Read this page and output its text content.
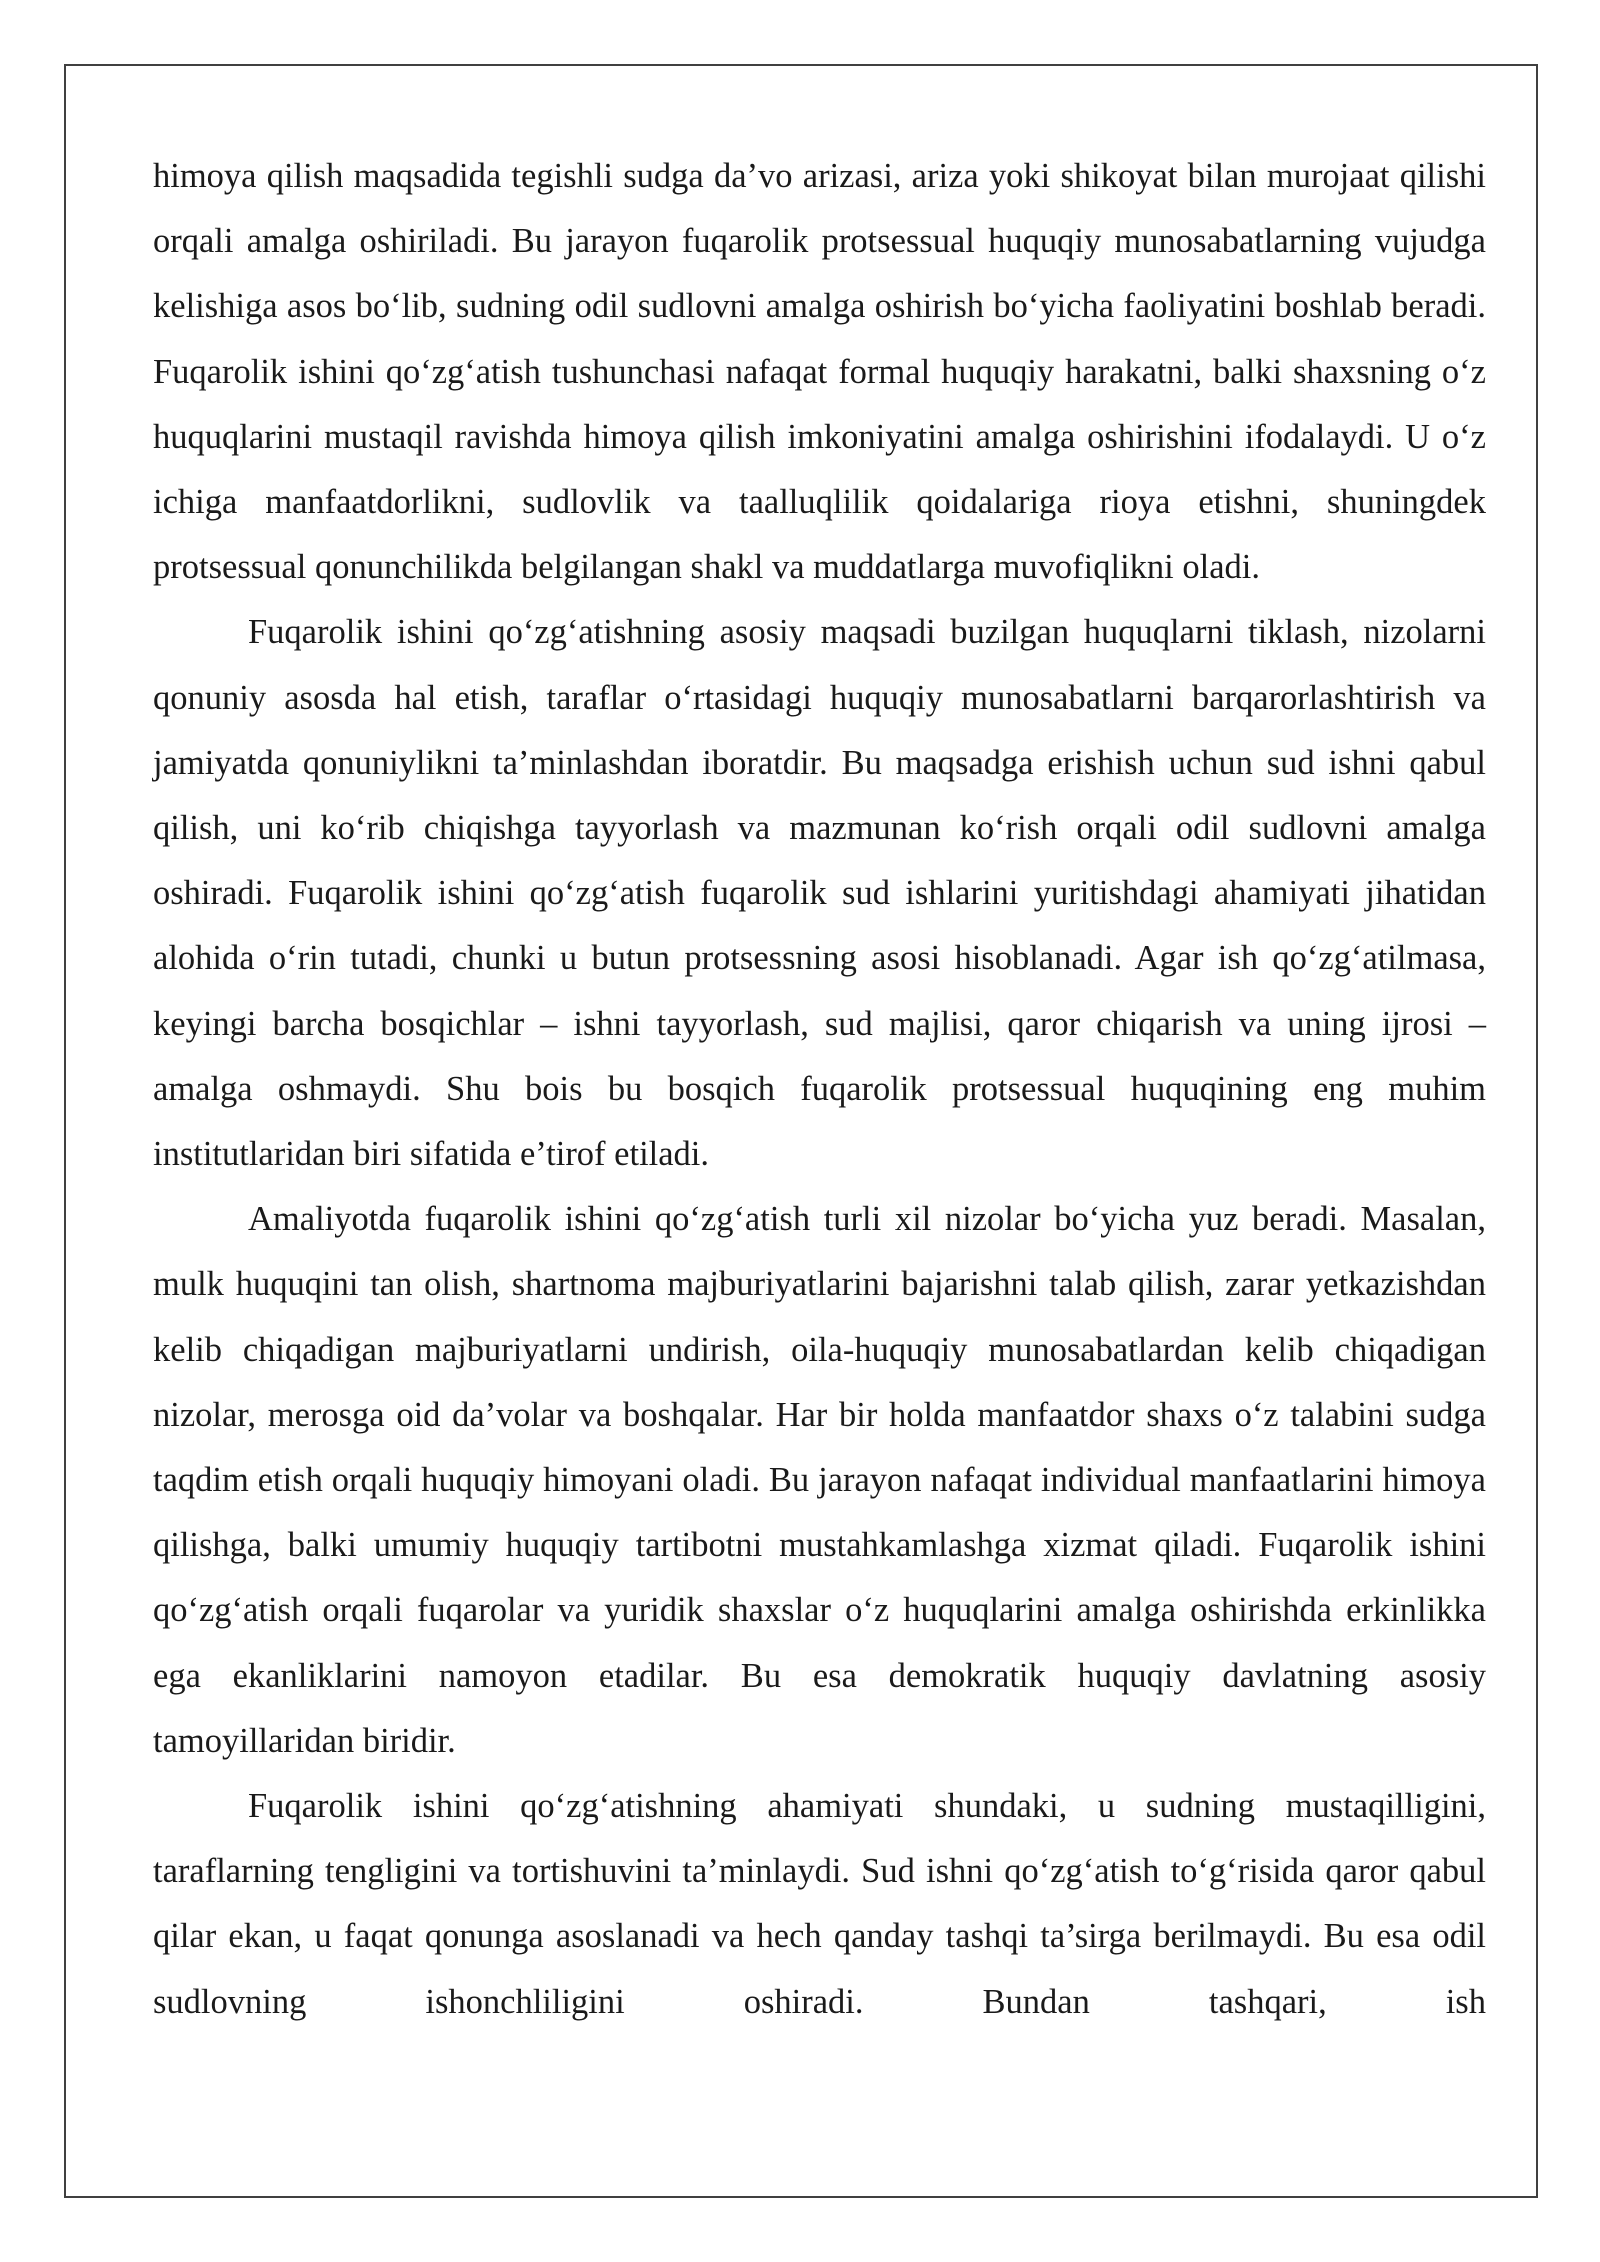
himoya qilish maqsadida tegishli sudga da’vo arizasi, ariza yoki shikoyat bilan murojaat qilishi orqali amalga oshiriladi. Bu jarayon fuqarolik protsessual huquqiy munosabatlarning vujudga kelishiga asos bo‘lib, sudning odil sudlovni amalga oshirish bo‘yicha faoliyatini boshlab beradi. Fuqarolik ishini qo‘zg‘atish tushunchasi nafaqat formal huquqiy harakatni, balki shaxsning o‘z huquqlarini mustaqil ravishda himoya qilish imkoniyatini amalga oshirishini ifodalaydi. U o‘z ichiga manfaatdorlikni, sudlovlik va taalluqlilik qoidalariga rioya etishni, shuningdek protsessual qonunchilikda belgilangan shakl va muddatlarga muvofiqlikni oladi.

Fuqarolik ishini qo‘zg‘atishning asosiy maqsadi buzilgan huquqlarni tiklash, nizolarni qonuniy asosda hal etish, taraflar o‘rtasidagi huquqiy munosabatlarni barqarorlashtirish va jamiyatda qonuniylikni ta’minlashdan iboratdir. Bu maqsadga erishish uchun sud ishni qabul qilish, uni ko‘rib chiqishga tayyorlash va mazmunan ko‘rish orqali odil sudlovni amalga oshiradi. Fuqarolik ishini qo‘zg‘atish fuqarolik sud ishlarini yuritishdagi ahamiyati jihatidan alohida o‘rin tutadi, chunki u butun protsessning asosi hisoblanadi. Agar ish qo‘zg‘atilmasa, keyingi barcha bosqichlar – ishni tayyorlash, sud majlisi, qaror chiqarish va uning ijrosi – amalga oshmaydi. Shu bois bu bosqich fuqarolik protsessual huquqining eng muhim institutlaridan biri sifatida e’tirof etiladi.

Amaliyotda fuqarolik ishini qo‘zg‘atish turli xil nizolar bo‘yicha yuz beradi. Masalan, mulk huquqini tan olish, shartnoma majburiyatlarini bajarishni talab qilish, zarar yetkazishdan kelib chiqadigan majburiyatlarni undirish, oila-huquqiy munosabatlardan kelib chiqadigan nizolar, merosga oid da’volar va boshqalar. Har bir holda manfaatdor shaxs o‘z talabini sudga taqdim etish orqali huquqiy himoyani oladi. Bu jarayon nafaqat individual manfaatlarini himoya qilishga, balki umumiy huquqiy tartibotni mustahkamlashga xizmat qiladi. Fuqarolik ishini qo‘zg‘atish orqali fuqarolar va yuridik shaxslar o‘z huquqlarini amalga oshirishda erkinlikka ega ekanliklarini namoyon etadilar. Bu esa demokratik huquqiy davlatning asosiy tamoyillaridan biridir.

Fuqarolik ishini qo‘zg‘atishning ahamiyati shundaki, u sudning mustaqilligini, taraflarning tengligini va tortishuvini ta’minlaydi. Sud ishni qo‘zg‘atish to‘g‘risida qaror qabul qilar ekan, u faqat qonunga asoslanadi va hech qanday tashqi ta’sirga berilmaydi. Bu esa odil sudlovning ishonchliligini oshiradi. Bundan tashqari, ish
